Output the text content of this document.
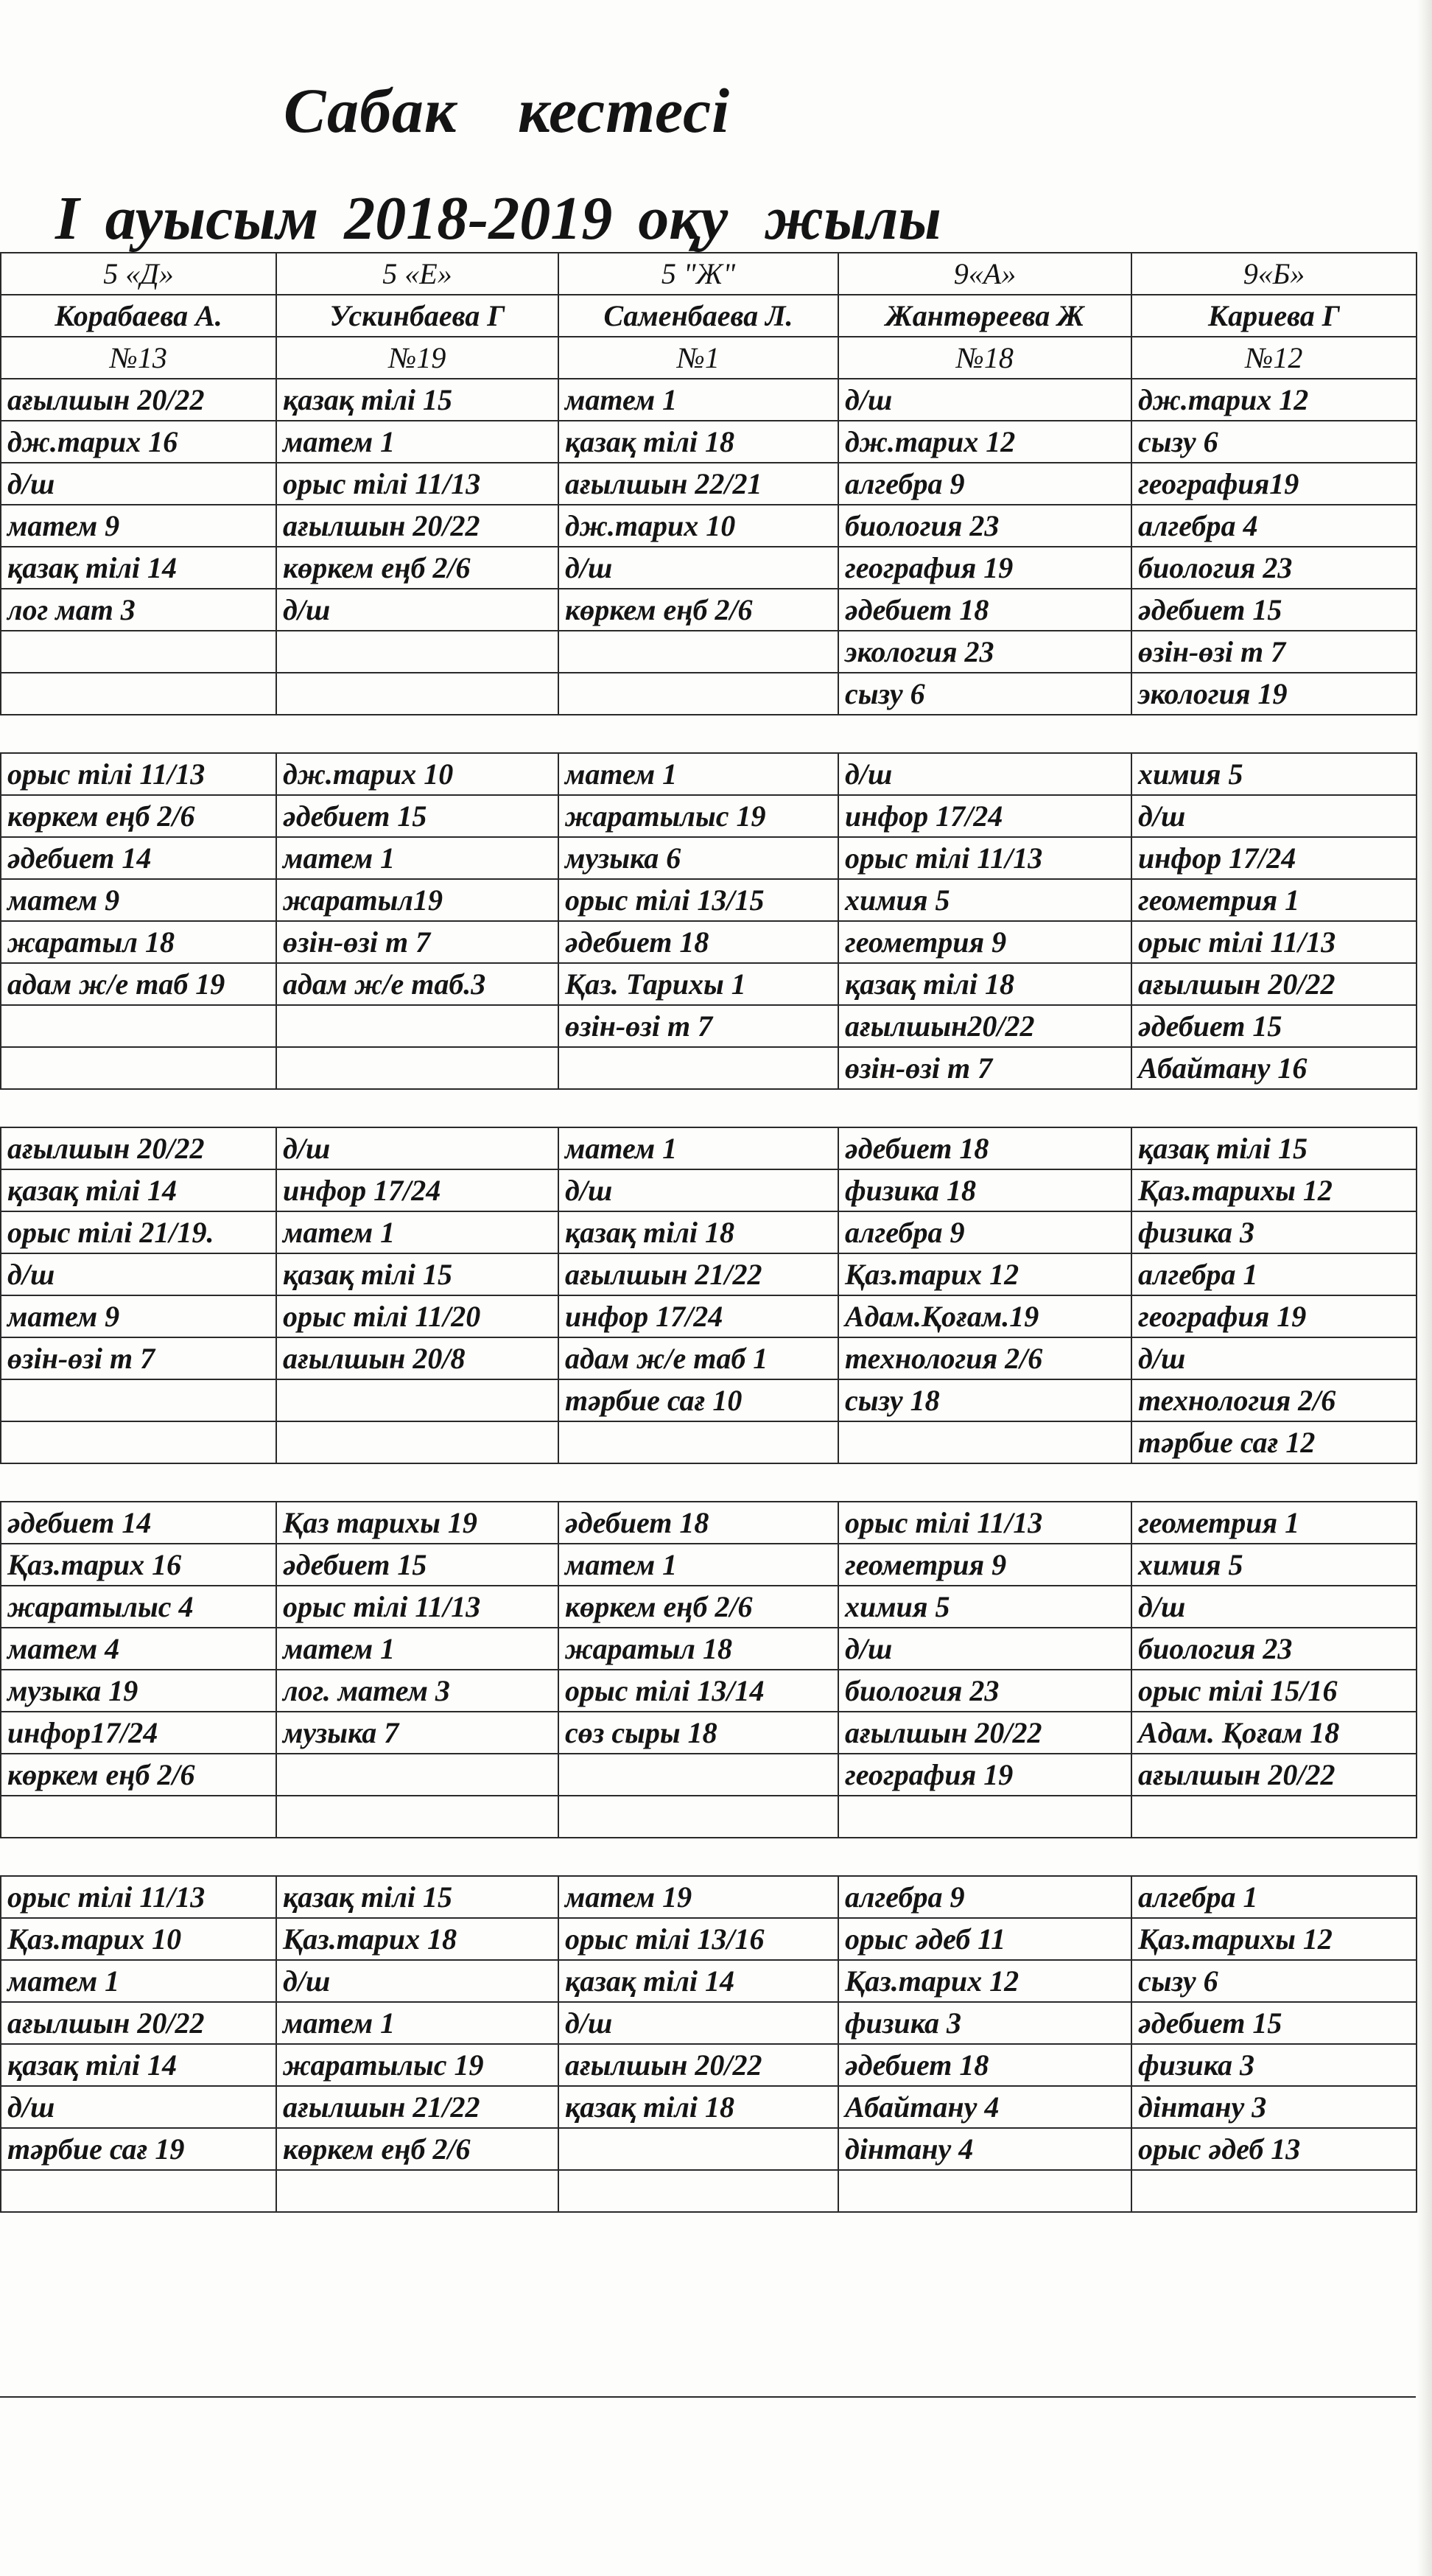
Сабак кестесі
I ауысым 2018-2019 оқу жылы
5 «Д»	5 «Е»	5 "Ж"	9«А»	9«Б»
Корабаева А.	Ускинбаева Г	Саменбаева Л.	Жантөреева Ж	Кариева Г
№13	№19	№1	№18	№12
ағылшын 20/22	қазақ тілі 15	матем 1	д/ш	дж.тарих 12
дж.тарих 16	матем 1	қазақ тілі 18	дж.тарих 12	сызу 6
д/ш	орыс тілі 11/13	ағылшын 22/21	алгебра 9	география19
матем 9	ағылшын 20/22	дж.тарих 10	биология 23	алгебра 4
қазақ тілі 14	көркем еңб 2/6	д/ш	география 19	биология 23
лог мат 3	д/ш	көркем еңб 2/6	әдебиет 18	әдебиет 15
			экология 23	өзін-өзі т 7
			сызу 6	экология 19

орыс тілі 11/13	дж.тарих 10	матем 1	д/ш	химия 5
көркем еңб 2/6	әдебиет 15	жаратылыс 19	инфор 17/24	д/ш
әдебиет 14	матем 1	музыка 6	орыс тілі 11/13	инфор 17/24
матем 9	жаратыл19	орыс тілі 13/15	химия 5	геометрия 1
жаратыл 18	өзін-өзі т 7	әдебиет 18	геометрия 9	орыс тілі 11/13
адам ж/е таб 19	адам ж/е таб.3	Қаз. Тарихы 1	қазақ тілі 18	ағылшын 20/22
		өзін-өзі т 7	ағылшын20/22	әдебиет 15
			өзін-өзі т 7	Абайтану 16

ағылшын 20/22	д/ш	матем 1	әдебиет 18	қазақ тілі 15
қазақ тілі 14	инфор 17/24	д/ш	физика 18	Қаз.тарихы 12
орыс тілі 21/19.	матем 1	қазақ тілі 18	алгебра 9	физика 3
д/ш	қазақ тілі 15	ағылшын 21/22	Қаз.тарих 12	алгебра 1
матем 9	орыс тілі 11/20	инфор 17/24	Адам.Қоғам.19	география 19
өзін-өзі т 7	ағылшын 20/8	адам ж/е таб 1	технология 2/6	д/ш
		тәрбие сағ 10	сызу 18	технология 2/6
				тәрбие сағ 12

әдебиет 14	Қаз тарихы 19	әдебиет 18	орыс тілі 11/13	геометрия 1
Қаз.тарих 16	әдебиет 15	матем 1	геометрия 9	химия 5
жаратылыс 4	орыс тілі 11/13	көркем еңб 2/6	химия 5	д/ш
матем 4	матем 1	жаратыл 18	д/ш	биология 23
музыка 19	лог. матем 3	орыс тілі 13/14	биология 23	орыс тілі 15/16
инфор17/24	музыка 7	сөз сыры 18	ағылшын 20/22	Адам. Қоғам 18
көркем еңб 2/6			география 19	ағылшын 20/22

орыс тілі 11/13	қазақ тілі 15	матем 19	алгебра 9	алгебра 1
Қаз.тарих 10	Қаз.тарих 18	орыс тілі 13/16	орыс әдеб 11	Қаз.тарихы 12
матем 1	д/ш	қазақ тілі 14	Қаз.тарих 12	сызу 6
ағылшын 20/22	матем 1	д/ш	физика 3	әдебиет 15
қазақ тілі 14	жаратылыс 19	ағылшын 20/22	әдебиет 18	физика 3
д/ш	ағылшын 21/22	қазақ тілі 18	Абайтану 4	дінтану 3
тәрбие сағ 19	көркем еңб 2/6		дінтану 4	орыс әдеб 13
